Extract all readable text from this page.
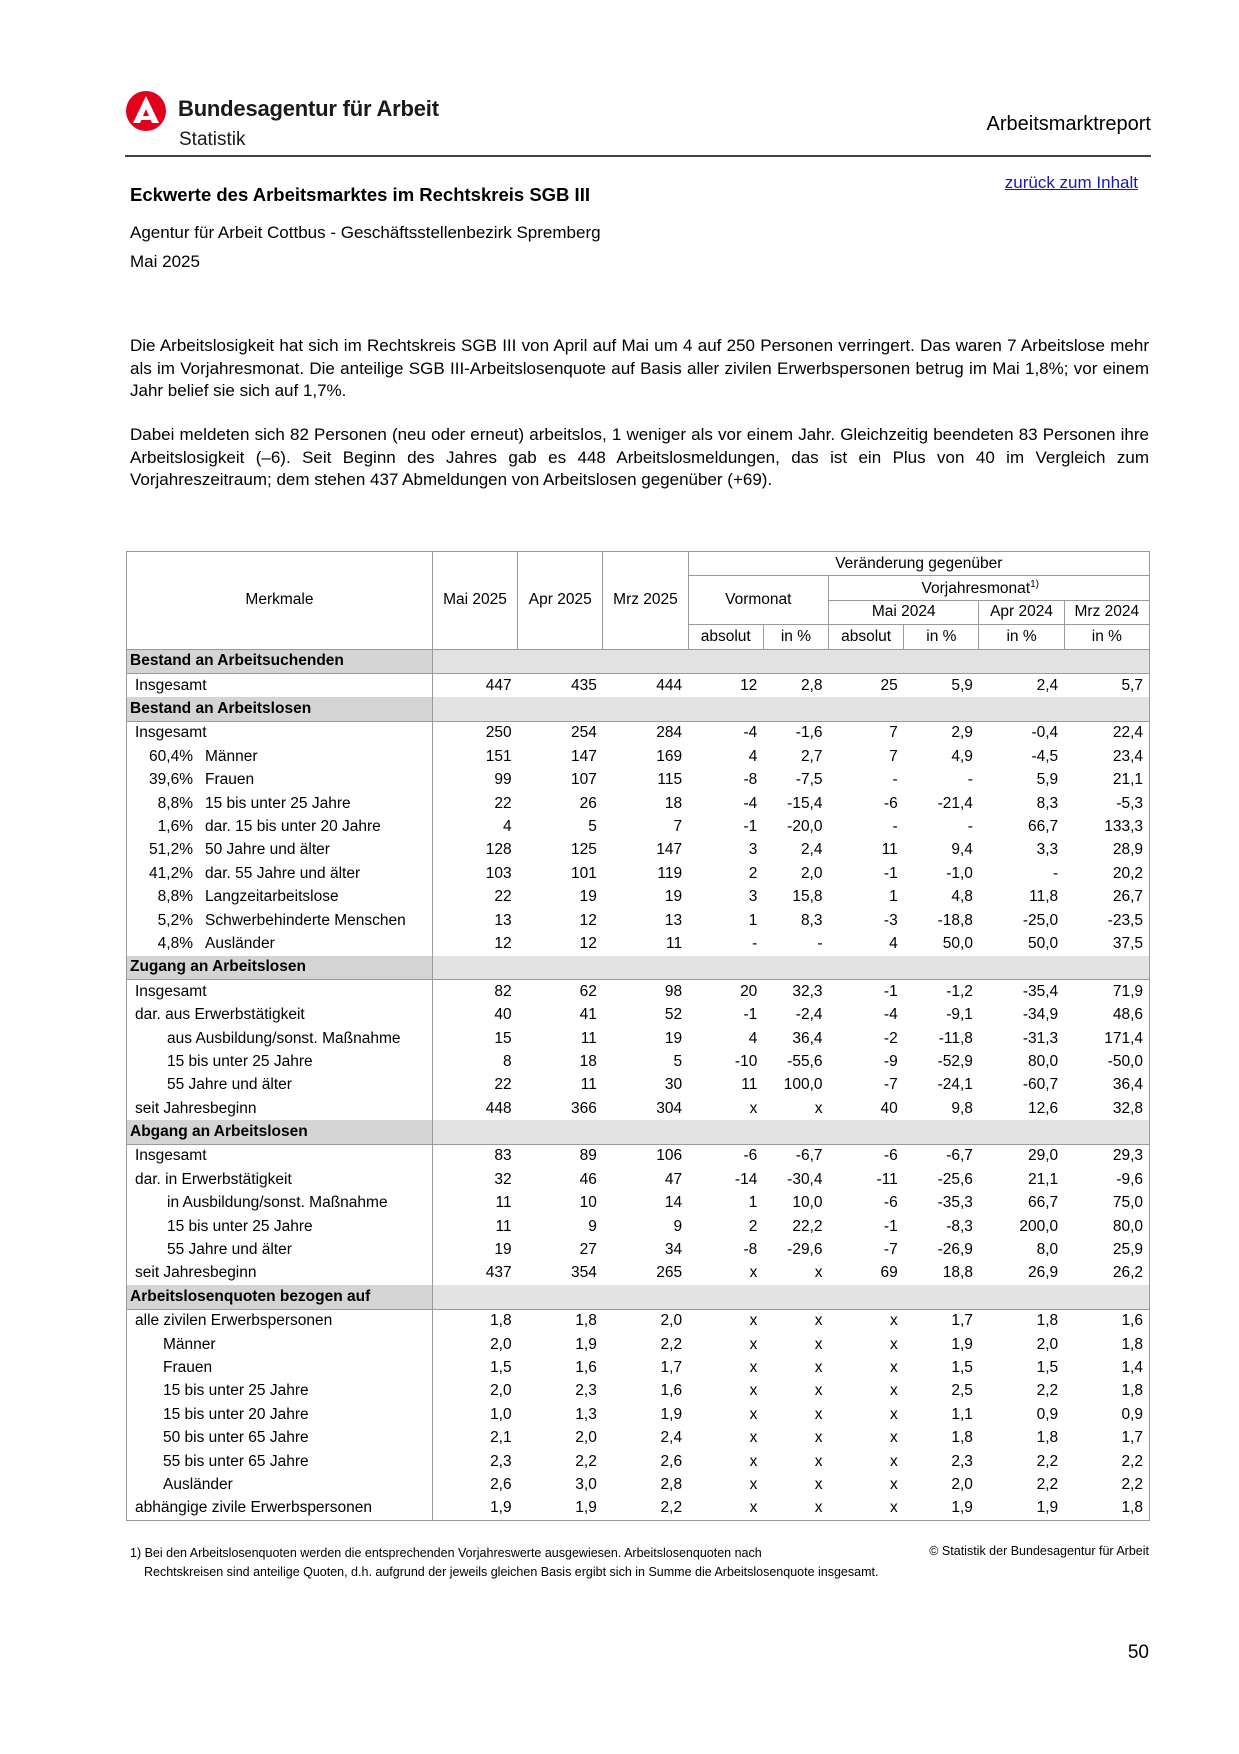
Bundesagentur für Arbeit
Statistik
Arbeitsmarktreport
zurück zum Inhalt
Eckwerte des Arbeitsmarktes im Rechtskreis SGB III
Agentur für Arbeit Cottbus - Geschäftsstellenbezirk Spremberg
Mai 2025
Die Arbeitslosigkeit hat sich im Rechtskreis SGB III von April auf Mai um 4 auf 250 Personen verringert. Das waren 7 Arbeitslose mehr als im Vorjahresmonat. Die anteilige SGB III-Arbeitslosenquote auf Basis aller zivilen Erwerbspersonen betrug im Mai 1,8%; vor einem Jahr belief sie sich auf 1,7%.
Dabei meldeten sich 82 Personen (neu oder erneut) arbeitslos, 1 weniger als vor einem Jahr. Gleichzeitig beendeten 83 Personen ihre Arbeitslosigkeit (–6). Seit Beginn des Jahres gab es 448 Arbeitslosmeldungen, das ist ein Plus von 40 im Vergleich zum Vorjahreszeitraum; dem stehen 437 Abmeldungen von Arbeitslosen gegenüber (+69).
Merkmale	Mai 2025	Apr 2025	Mrz 2025	Veränderung gegenüber					
				Vormonat		Vorjahresmonat$^{1)}$
						Mai 2024		Apr 2024	Mrz 2024
				absolut	in %	absolut	in %	in %	in %
Bestand an Arbeitsuchenden									
Insgesamt	447	435	444	12	2,8	25	5,9	2,4	5,7
Bestand an Arbeitslosen									
Insgesamt	250	254	284	-4	-1,6	7	2,9	-0,4	22,4
60,4% Männer	151	147	169	4	2,7	7	4,9	-4,5	23,4
39,6% Frauen	99	107	115	-8	-7,5	-	-	5,9	21,1
8,8% 15 bis unter 25 Jahre	22	26	18	-4	-15,4	-6	-21,4	8,3	-5,3
1,6% dar. 15 bis unter 20 Jahre	4	5	7	-1	-20,0	-	-	66,7	133,3
51,2% 50 Jahre und älter	128	125	147	3	2,4	11	9,4	3,3	28,9
41,2% dar. 55 Jahre und älter	103	101	119	2	2,0	-1	-1,0	-	20,2
8,8% Langzeitarbeitslose	22	19	19	3	15,8	1	4,8	11,8	26,7
5,2% Schwerbehinderte Menschen	13	12	13	1	8,3	-3	-18,8	-25,0	-23,5
4,8% Ausländer	12	12	11	-	-	4	50,0	50,0	37,5
Zugang an Arbeitslosen									
Insgesamt	82	62	98	20	32,3	-1	-1,2	-35,4	71,9
dar. aus Erwerbstätigkeit	40	41	52	-1	-2,4	-4	-9,1	-34,9	48,6
aus Ausbildung/sonst. Maßnahme	15	11	19	4	36,4	-2	-11,8	-31,3	171,4
15 bis unter 25 Jahre	8	18	5	-10	-55,6	-9	-52,9	80,0	-50,0
55 Jahre und älter	22	11	30	11	100,0	-7	-24,1	-60,7	36,4
seit Jahresbeginn	448	366	304	x	x	40	9,8	12,6	32,8
Abgang an Arbeitslosen									
Insgesamt	83	89	106	-6	-6,7	-6	-6,7	29,0	29,3
dar. in Erwerbstätigkeit	32	46	47	-14	-30,4	-11	-25,6	21,1	-9,6
in Ausbildung/sonst. Maßnahme	11	10	14	1	10,0	-6	-35,3	66,7	75,0
15 bis unter 25 Jahre	11	9	9	2	22,2	-1	-8,3	200,0	80,0
55 Jahre und älter	19	27	34	-8	-29,6	-7	-26,9	8,0	25,9
seit Jahresbeginn	437	354	265	x	x	69	18,8	26,9	26,2
Arbeitslosenquoten bezogen auf									
alle zivilen Erwerbspersonen	1,8	1,8	2,0	x	x	x	1,7	1,8	1,6
Männer	2,0	1,9	2,2	x	x	x	1,9	2,0	1,8
Frauen	1,5	1,6	1,7	x	x	x	1,5	1,5	1,4
15 bis unter 25 Jahre	2,0	2,3	1,6	x	x	x	2,5	2,2	1,8
15 bis unter 20 Jahre	1,0	1,3	1,9	x	x	x	1,1	0,9	0,9
50 bis unter 65 Jahre	2,1	2,0	2,4	x	x	x	1,8	1,8	1,7
55 bis unter 65 Jahre	2,3	2,2	2,6	x	x	x	2,3	2,2	2,2
Ausländer	2,6	3,0	2,8	x	x	x	2,0	2,2	2,2
abhängige zivile Erwerbspersonen	1,9	1,9	2,2	x	x	x	1,9	1,9	1,8
1) Bei den Arbeitslosenquoten werden die entsprechenden Vorjahreswerte ausgewiesen. Arbeitslosenquoten nach
Rechtskreisen sind anteilige Quoten, d.h. aufgrund der jeweils gleichen Basis ergibt sich in Summe die Arbeitslosenquote insgesamt.
© Statistik der Bundesagentur für Arbeit
50
